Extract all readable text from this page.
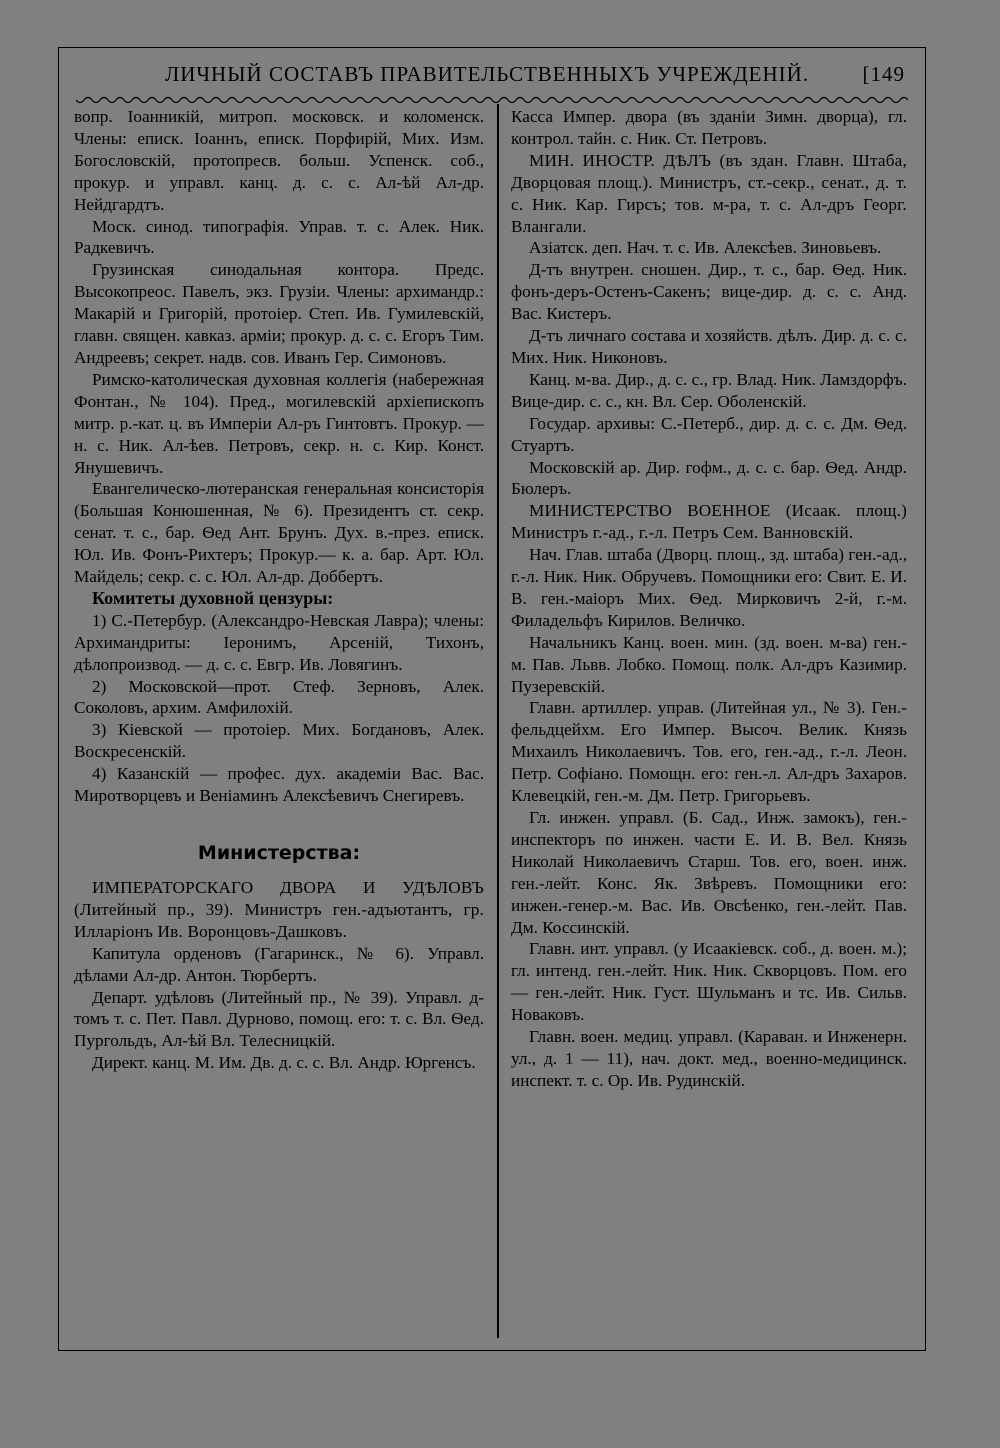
ЛИЧНЫЙ СОСТАВЪ ПРАВИТЕЛЬСТВЕННЫХЪ УЧРЕЖДЕНІЙ.	[149

вопр. Іоанникій, митроп. московск. и коломенск. Члены: еписк. Іоаннъ, еписк. Порфирій, Мих. Изм. Богословскій, протопресв. больш. Успенск. соб., прокур. и управл. канц. д. с. с. Ал-ѣй Ал-др. Нейдгардтъ.

Моск. синод. типографія. Управ. т. с. Алек. Ник. Радкевичъ.

Грузинская синодальная контора. Предс. Высокопреос. Павелъ, экз. Грузіи. Члены: архимандр.: Макарій и Григорій, протоіер. Степ. Ив. Гумилевскій, главн. священ. кавказ. арміи; прокур. д. с. с. Егоръ Тим. Андреевъ; секрет. надв. сов. Иванъ Гер. Симоновъ.

Римско-католическая духовная коллегія (набережная Фонтан., № 104). Пред., могилевскій архіепископъ митр. р.-кат. ц. въ Имперіи Ал-ръ Гинтовтъ. Прокур. — н. с. Ник. Ал-ѣев. Петровъ, секр. н. с. Кир. Конст. Янушевичъ.

Евангелическо-лютеранская генеральная консисторія (Большая Конюшенная, № 6). Президентъ ст. секр. сенат. т. с., бар. Ѳед Ант. Брунъ. Дух. в.-през. еписк. Юл. Ив. Фонъ-Рихтеръ; Прокур.— к. а. бар. Арт. Юл. Майдель; секр. с. с. Юл. Ал-др. Доббертъ.

Комитеты духовной цензуры:

1) С.-Петербур. (Александро-Невская Лавра); члены: Архимандриты: Іеронимъ, Арсеній, Тихонъ, дѣлопроизвод. — д. с. с. Евгр. Ив. Ловягинъ.

2) Московской—прот. Стеф. Зерновъ, Алек. Соколовъ, архим. Амфилохій.

3) Кіевской — протоіер. Мих. Богдановъ, Алек. Воскресенскій.

4) Казанскій — профес. дух. академіи Вас. Вас. Миротворцевъ и Веніаминъ Алексѣевичъ Снегиревъ.

Министерства:

ИМПЕРАТОРСКАГО ДВОРА И УДѢЛОВЪ (Литейный пр., 39). Министръ ген.-адъютантъ, гр. Илларіонъ Ив. Воронцовъ-Дашковъ.

Капитула орденовъ (Гагаринск., № 6). Управл. дѣлами Ал-др. Антон. Тюрбертъ.

Департ. удѣловъ (Литейный пр., № 39). Управл. д-томъ т. с. Пет. Павл. Дурново, помощ. его: т. с. Вл. Ѳед. Пургольдъ, Ал-ѣй Вл. Телесницкій.

Директ. канц. М. Им. Дв. д. с. с. Вл. Андр. Юргенсъ.

Касса Импер. двора (въ зданіи Зимн. дворца), гл. контрол. тайн. с. Ник. Ст. Петровъ.

МИН. ИНОСТР. ДѢЛЪ (въ здан. Главн. Штаба, Дворцовая площ.). Министръ, ст.-секр., сенат., д. т. с. Ник. Кар. Гирсъ; тов. м-ра, т. с. Ал-дръ Георг. Влангали.

Азіатск. деп. Нач. т. с. Ив. Алексѣев. Зиновьевъ.

Д-тъ внутрен. сношен. Дир., т. с., бар. Ѳед. Ник. фонъ-деръ-Остенъ-Сакенъ; вице-дир. д. с. с. Анд. Вас. Кистеръ.

Д-тъ личнаго состава и хозяйств. дѣлъ. Дир. д. с. с. Мих. Ник. Никоновъ.

Канц. м-ва. Дир., д. с. с., гр. Влад. Ник. Ламздорфъ. Вице-дир. с. с., кн. Вл. Сер. Оболенскій.

Государ. архивы: С.-Петерб., дир. д. с. с. Дм. Ѳед. Стуартъ.

Московскій ар. Дир. гофм., д. с. с. бар. Ѳед. Андр. Бюлеръ.

МИНИСТЕРСТВО ВОЕННОЕ (Исаак. площ.) Министръ г.-ад., г.-л. Петръ Сем. Ванновскій.

Нач. Глав. штаба (Дворц. площ., зд. штаба) ген.-ад., г.-л. Ник. Ник. Обручевъ. Помощники его: Свит. Е. И. В. ген.-маіоръ Мих. Ѳед. Мирковичъ 2-й, г.-м. Филадельфъ Кирилов. Величко.

Начальникъ Канц. воен. мин. (зд. воен. м-ва) ген.-м. Пав. Львв. Лобко. Помощ. полк. Ал-дръ Казимир. Пузеревскій.

Главн. артиллер. управ. (Литейная ул., № 3). Ген.-фельдцейхм. Его Импер. Высоч. Велик. Князь Михаилъ Николаевичъ. Тов. его, ген.-ад., г.-л. Леон. Петр. Софіано. Помощн. его: ген.-л. Ал-дръ Захаров. Клевецкій, ген.-м. Дм. Петр. Григорьевъ.

Гл. инжен. управл. (Б. Сад., Инж. замокъ), ген.-инспекторъ по инжен. части Е. И. В. Вел. Князь Николай Николаевичъ Старш. Тов. его, воен. инж. ген.-лейт. Конс. Як. Звѣревъ. Помощники его: инжен.-генер.-м. Вас. Ив. Овсѣенко, ген.-лейт. Пав. Дм. Коссинскій.

Главн. инт. управл. (у Исаакіевск. соб., д. воен. м.); гл. интенд. ген.-лейт. Ник. Ник. Скворцовъ. Пом. его — ген.-лейт. Ник. Густ. Шульманъ и тс. Ив. Сильв. Новаковъ.

Главн. воен. медиц. управл. (Караван. и Инженерн. ул., д. 1 — 11), нач. докт. мед., военно-медицинск. инспект. т. с. Ор. Ив. Рудинскій.
